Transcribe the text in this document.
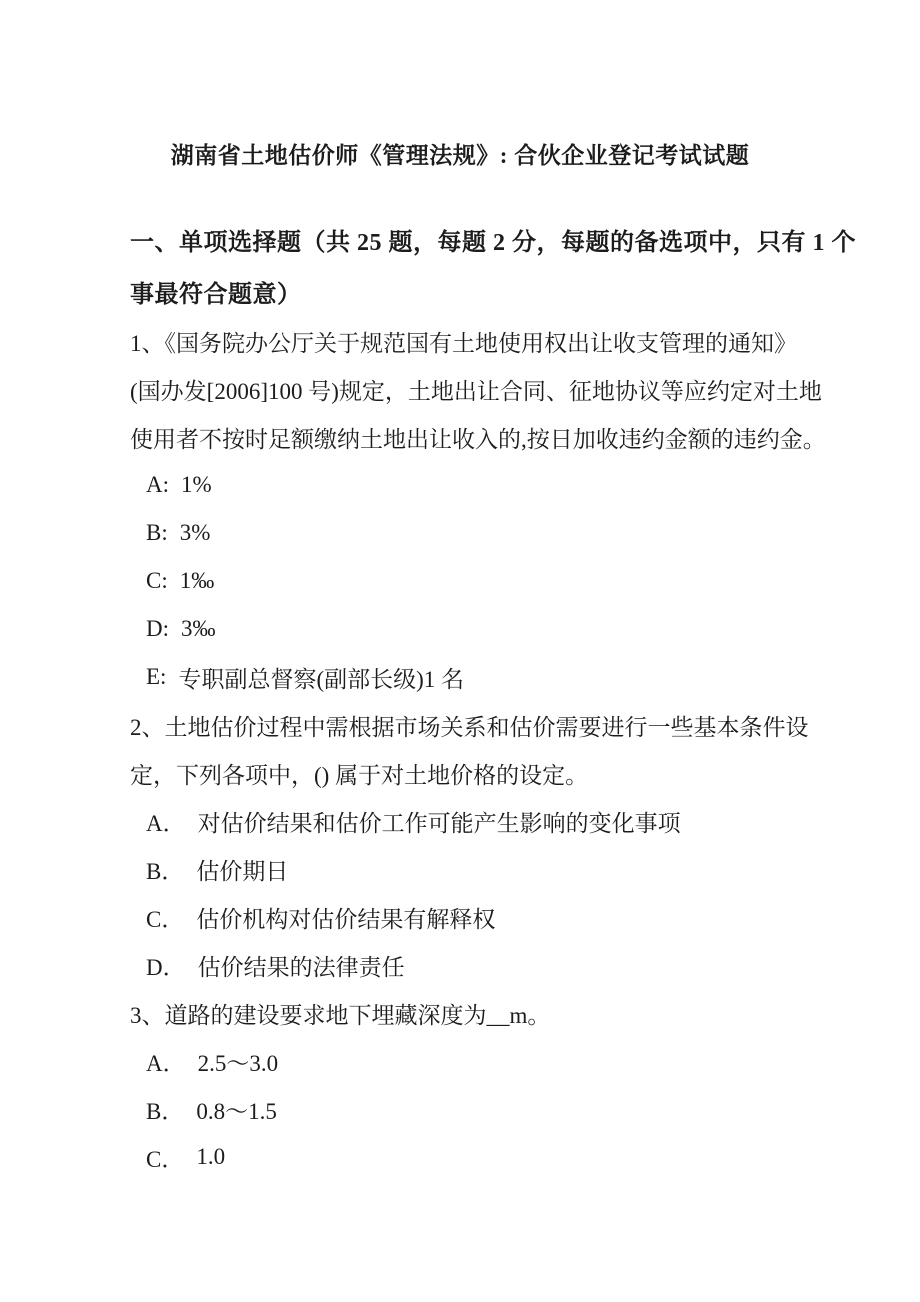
湖南省土地估价师《管理法规》: 合伙企业登记考试试题
一、单项选择题（共 25 题，每题 2 分，每题的备选项中，只有 1 个
事最符合题意）
1、《国务院办公厅关于规范国有土地使用权出让收支管理的通知》
(国办发[2006]100 号)规定，土地出让合同、征地协议等应约定对土地
使用者不按时足额缴纳土地出让收入的,按日加收违约金额的违约金。
A: 1%
B: 3%
C: 1‰
D: 3‰
E: 专职副总督察(副部长级)1 名
2、土地估价过程中需根据市场关系和估价需要进行一些基本条件设
定，下列各项中，() 属于对土地价格的设定。
A． 对估价结果和估价工作可能产生影响的变化事项
B． 估价期日
C． 估价机构对估价结果有解释权
D． 估价结果的法律责任
3、道路的建设要求地下埋藏深度为__m。
A． 2.5～3.0
B． 0.8～1.5
C． 1.0
